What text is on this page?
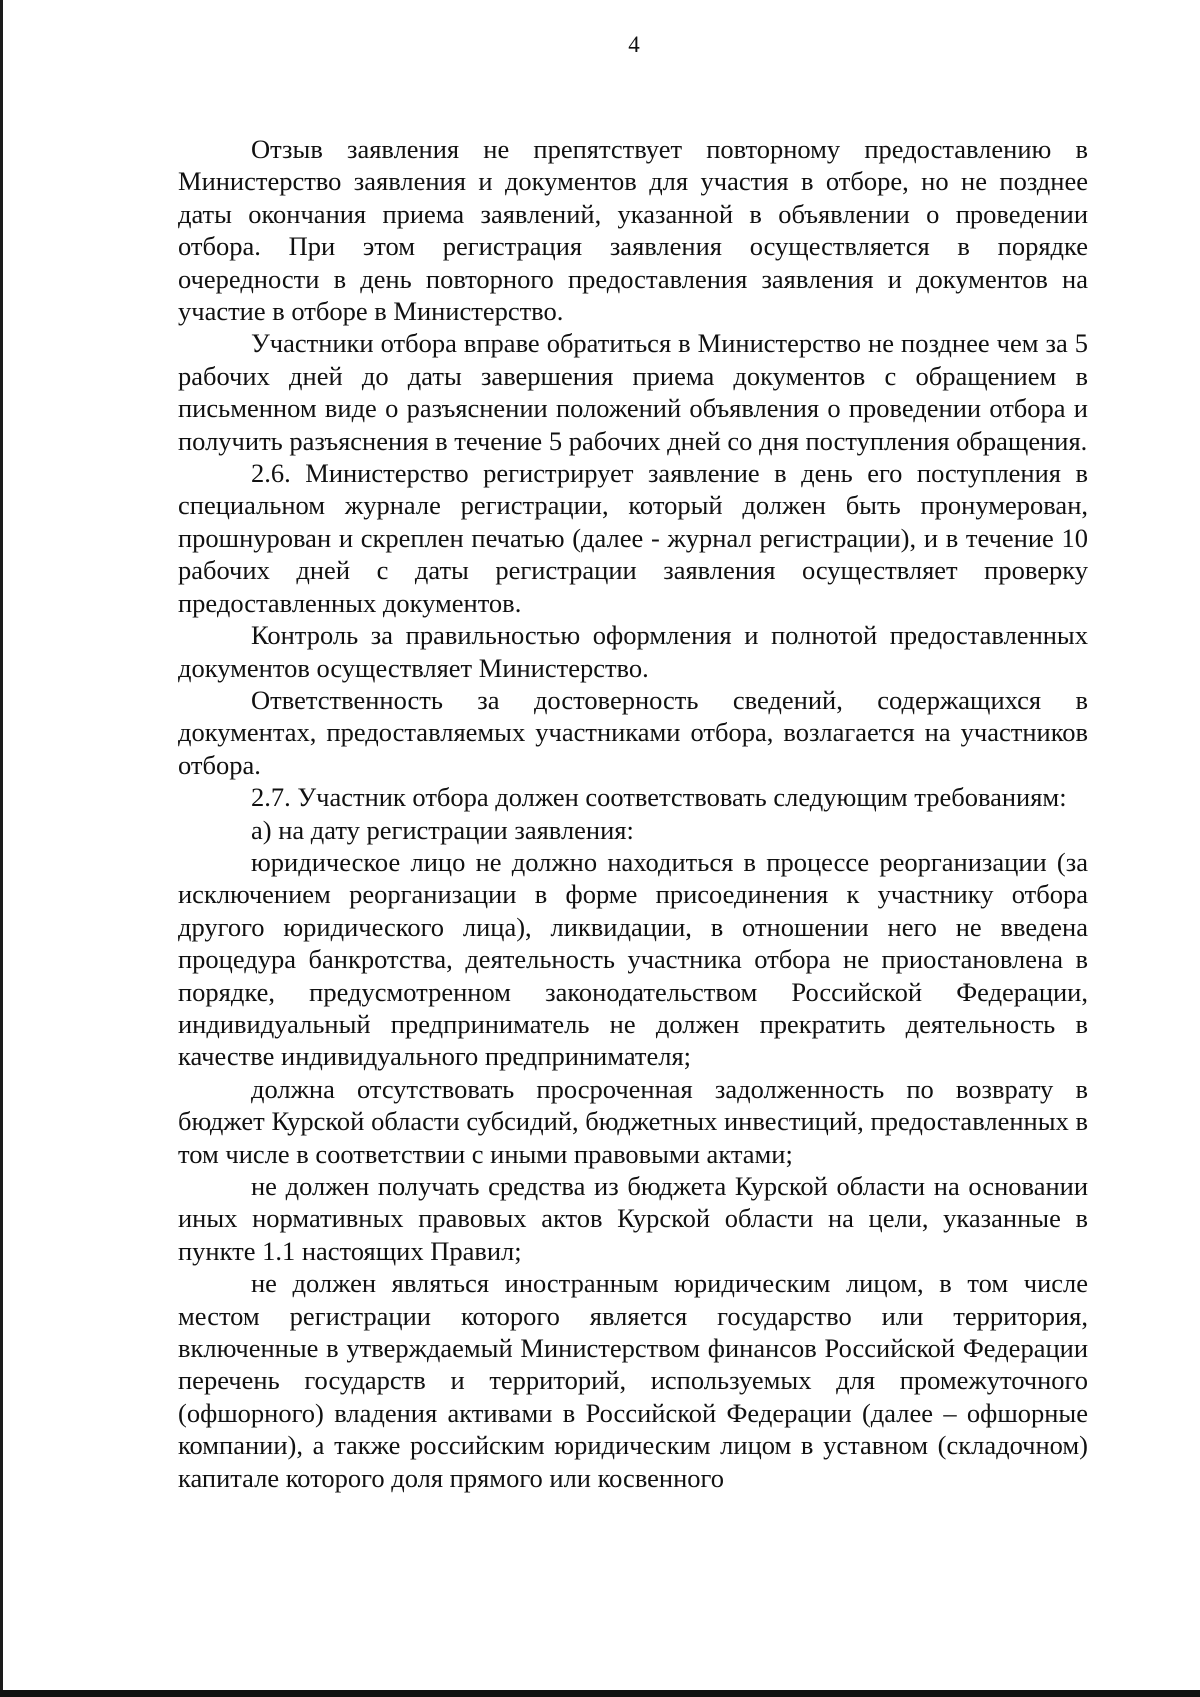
4

Отзыв заявления не препятствует повторному предоставлению в Министерство заявления и документов для участия в отборе, но не позднее даты окончания приема заявлений, указанной в объявлении о проведении отбора. При этом регистрация заявления осуществляется в порядке очередности в день повторного предоставления заявления и документов на участие в отборе в Министерство.

Участники отбора вправе обратиться в Министерство не позднее чем за 5 рабочих дней до даты завершения приема документов с обращением в письменном виде о разъяснении положений объявления о проведении отбора и получить разъяснения в течение 5 рабочих дней со дня поступления обращения.

2.6. Министерство регистрирует заявление в день его поступления в специальном журнале регистрации, который должен быть пронумерован, прошнурован и скреплен печатью (далее - журнал регистрации), и в течение 10 рабочих дней с даты регистрации заявления осуществляет проверку предоставленных документов.

Контроль за правильностью оформления и полнотой предоставленных документов осуществляет Министерство.

Ответственность за достоверность сведений, содержащихся в документах, предоставляемых участниками отбора, возлагается на участников отбора.

2.7. Участник отбора должен соответствовать следующим требованиям:

а) на дату регистрации заявления:

юридическое лицо не должно находиться в процессе реорганизации (за исключением реорганизации в форме присоединения к участнику отбора другого юридического лица), ликвидации, в отношении него не введена процедура банкротства, деятельность участника отбора не приостановлена в порядке, предусмотренном законодательством Российской Федерации, индивидуальный предприниматель не должен прекратить деятельность в качестве индивидуального предпринимателя;

должна отсутствовать просроченная задолженность по возврату в бюджет Курской области субсидий, бюджетных инвестиций, предоставленных в том числе в соответствии с иными правовыми актами;

не должен получать средства из бюджета Курской области на основании иных нормативных правовых актов Курской области на цели, указанные в пункте 1.1 настоящих Правил;

не должен являться иностранным юридическим лицом, в том числе местом регистрации которого является государство или территория, включенные в утверждаемый Министерством финансов Российской Федерации перечень государств и территорий, используемых для промежуточного (офшорного) владения активами в Российской Федерации (далее – офшорные компании), а также российским юридическим лицом в уставном (складочном) капитале которого доля прямого или косвенного
